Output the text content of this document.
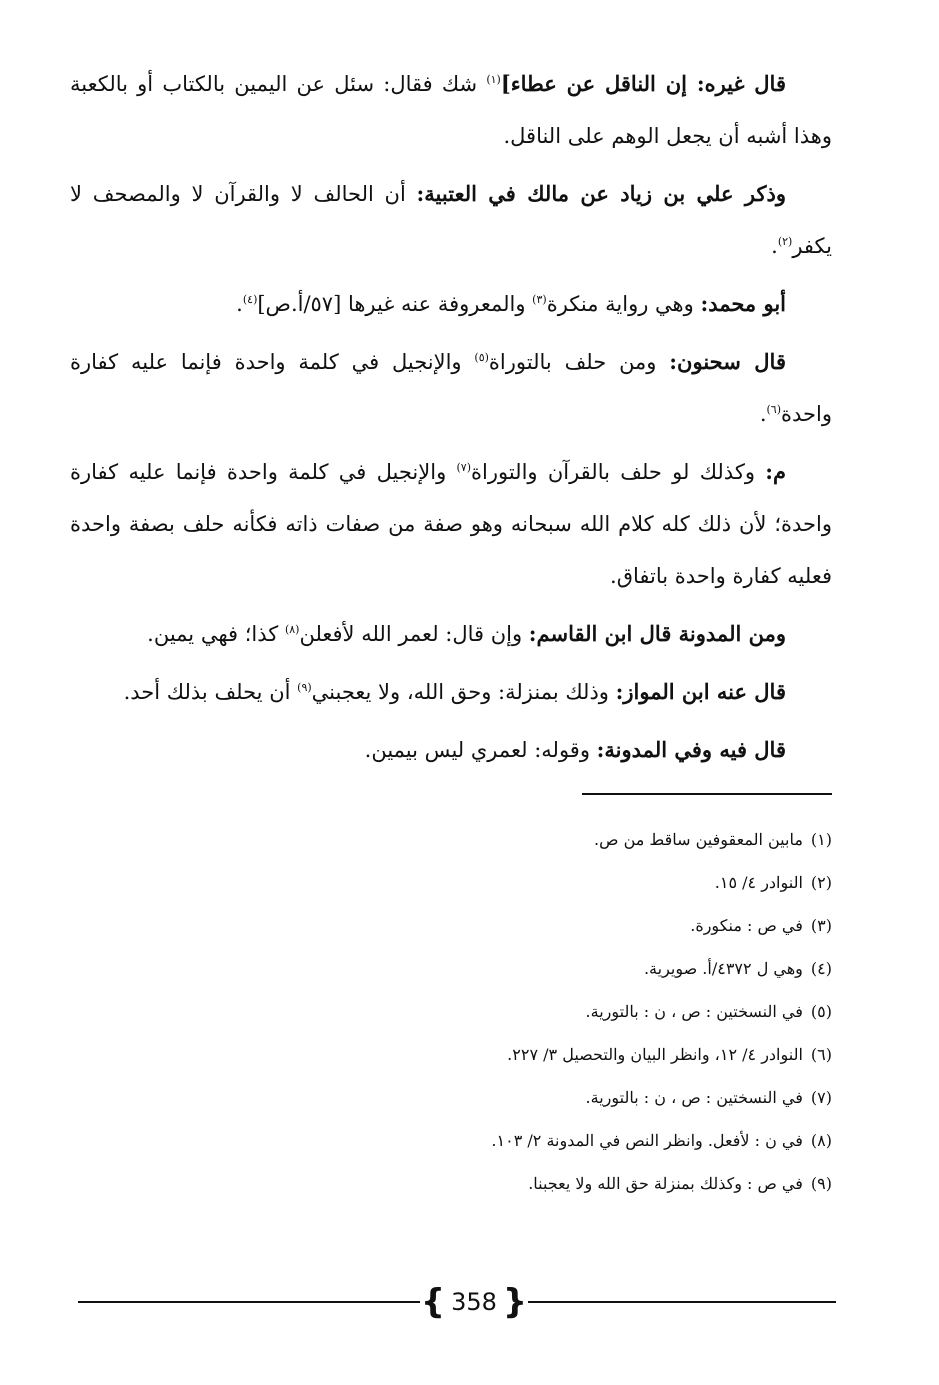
قال غيره: إن الناقل عن عطاء]$^{(١)}$ شك فقال: سئل عن اليمين بالكتاب أو بالكعبة وهذا أشبه أن يجعل الوهم على الناقل.

وذكر علي بن زياد عن مالك في العتبية: أن الحالف لا والقرآن لا والمصحف لا يكفر$^{(٢)}$.

أبو محمد: وهي رواية منكرة$^{(٣)}$ والمعروفة عنه غيرها [٥٧/أ.ص]$^{(٤)}$.

قال سحنون: ومن حلف بالتوراة$^{(٥)}$ والإنجيل في كلمة واحدة فإنما عليه كفارة واحدة$^{(٦)}$.

م: وكذلك لو حلف بالقرآن والتوراة$^{(٧)}$ والإنجيل في كلمة واحدة فإنما عليه كفارة واحدة؛ لأن ذلك كله كلام الله سبحانه وهو صفة من صفات ذاته فكأنه حلف بصفة واحدة فعليه كفارة واحدة باتفاق.

ومن المدونة قال ابن القاسم: وإن قال: لعمر الله لأفعلن$^{(٨)}$ كذا؛ فهي يمين.

قال عنه ابن المواز: وذلك بمنزلة: وحق الله، ولا يعجبني$^{(٩)}$ أن يحلف بذلك أحد.

قال فيه وفي المدونة: وقوله: لعمري ليس بيمين.

(١)مابين المعقوفين ساقط من ص.
(٢)النوادر ٤/ ١٥.
(٣)في ص : منكورة.
(٤)وهي ل ٤٣٧٢/أ. صويرية.
(٥)في النسختين : ص ، ن : بالتورية.
(٦)النوادر ٤/ ١٢، وانظر البيان والتحصيل ٣/ ٢٢٧.
(٧)في النسختين : ص ، ن : بالتورية.
(٨)في ن : لأفعل. وانظر النص في المدونة ٢/ ١٠٣.
(٩)في ص : وكذلك بمنزلة حق الله ولا يعجبنا.
{ 358 }
